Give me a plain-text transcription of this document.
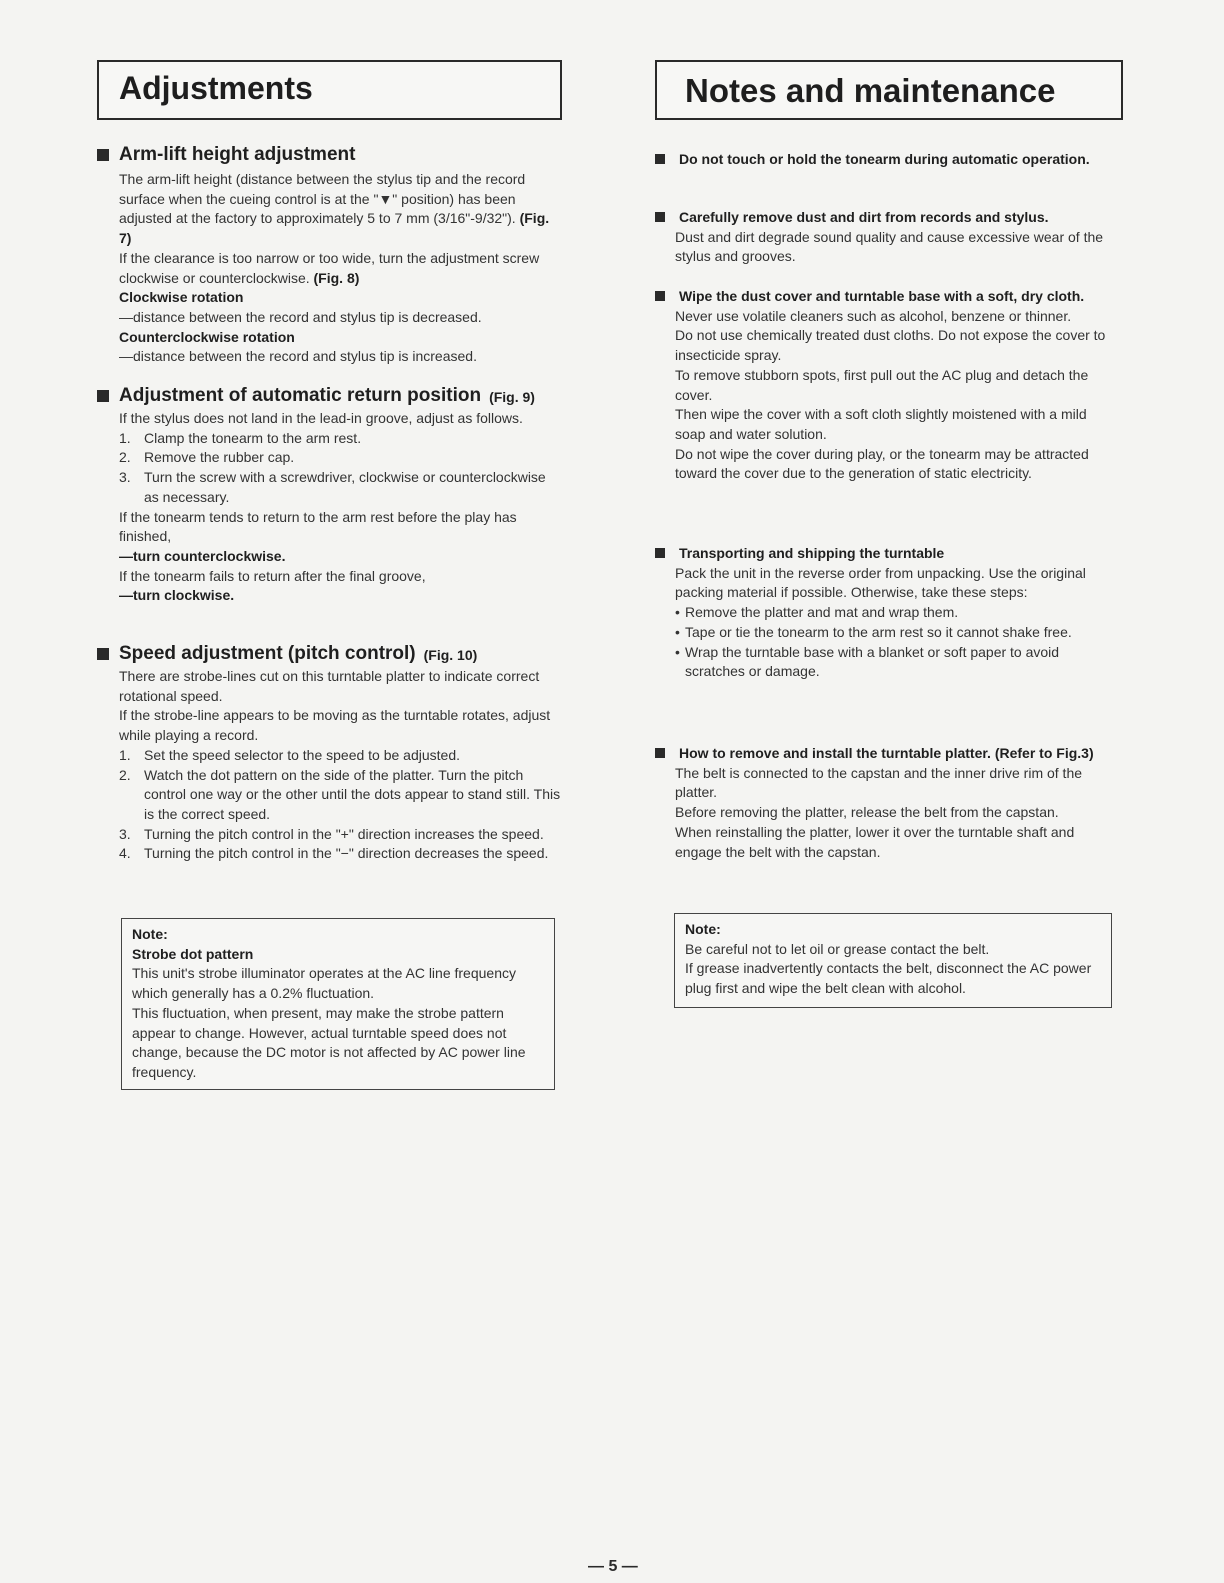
Adjustments	Notes and maintenance
Arm-lift height adjustment
The arm-lift height (distance between the stylus tip and the record surface when the cueing control is at the "▼" position) has been adjusted at the factory to approximately 5 to 7 mm (3/16"-9/32"). (Fig. 7)
If the clearance is too narrow or too wide, turn the adjustment screw clockwise or counterclockwise. (Fig. 8)
Clockwise rotation
—distance between the record and stylus tip is decreased.
Counterclockwise rotation
—distance between the record and stylus tip is increased.
Adjustment of automatic return position (Fig. 9)
If the stylus does not land in the lead-in groove, adjust as follows.
1. Clamp the tonearm to the arm rest.
2. Remove the rubber cap.
3. Turn the screw with a screwdriver, clockwise or counterclockwise as necessary.
If the tonearm tends to return to the arm rest before the play has finished,
—turn counterclockwise.
If the tonearm fails to return after the final groove,
—turn clockwise.
Speed adjustment (pitch control) (Fig. 10)
There are strobe-lines cut on this turntable platter to indicate correct rotational speed.
If the strobe-line appears to be moving as the turntable rotates, adjust while playing a record.
1. Set the speed selector to the speed to be adjusted.
2. Watch the dot pattern on the side of the platter. Turn the pitch control one way or the other until the dots appear to stand still. This is the correct speed.
3. Turning the pitch control in the "+" direction increases the speed.
4. Turning the pitch control in the "−" direction decreases the speed.
Note:
Strobe dot pattern
This unit's strobe illuminator operates at the AC line frequency which generally has a 0.2% fluctuation.
This fluctuation, when present, may make the strobe pattern appear to change. However, actual turntable speed does not change, because the DC motor is not affected by AC power line frequency.
Do not touch or hold the tonearm during automatic operation.
Carefully remove dust and dirt from records and stylus.
Dust and dirt degrade sound quality and cause excessive wear of the stylus and grooves.
Wipe the dust cover and turntable base with a soft, dry cloth.
Never use volatile cleaners such as alcohol, benzene or thinner.
Do not use chemically treated dust cloths. Do not expose the cover to insecticide spray.
To remove stubborn spots, first pull out the AC plug and detach the cover.
Then wipe the cover with a soft cloth slightly moistened with a mild soap and water solution.
Do not wipe the cover during play, or the tonearm may be attracted toward the cover due to the generation of static electricity.
Transporting and shipping the turntable
Pack the unit in the reverse order from unpacking. Use the original packing material if possible. Otherwise, take these steps:
• Remove the platter and mat and wrap them.
• Tape or tie the tonearm to the arm rest so it cannot shake free.
• Wrap the turntable base with a blanket or soft paper to avoid scratches or damage.
How to remove and install the turntable platter. (Refer to Fig.3)
The belt is connected to the capstan and the inner drive rim of the platter.
Before removing the platter, release the belt from the capstan.
When reinstalling the platter, lower it over the turntable shaft and engage the belt with the capstan.
Note:
Be careful not to let oil or grease contact the belt.
If grease inadvertently contacts the belt, disconnect the AC power plug first and wipe the belt clean with alcohol.
— 5 —
